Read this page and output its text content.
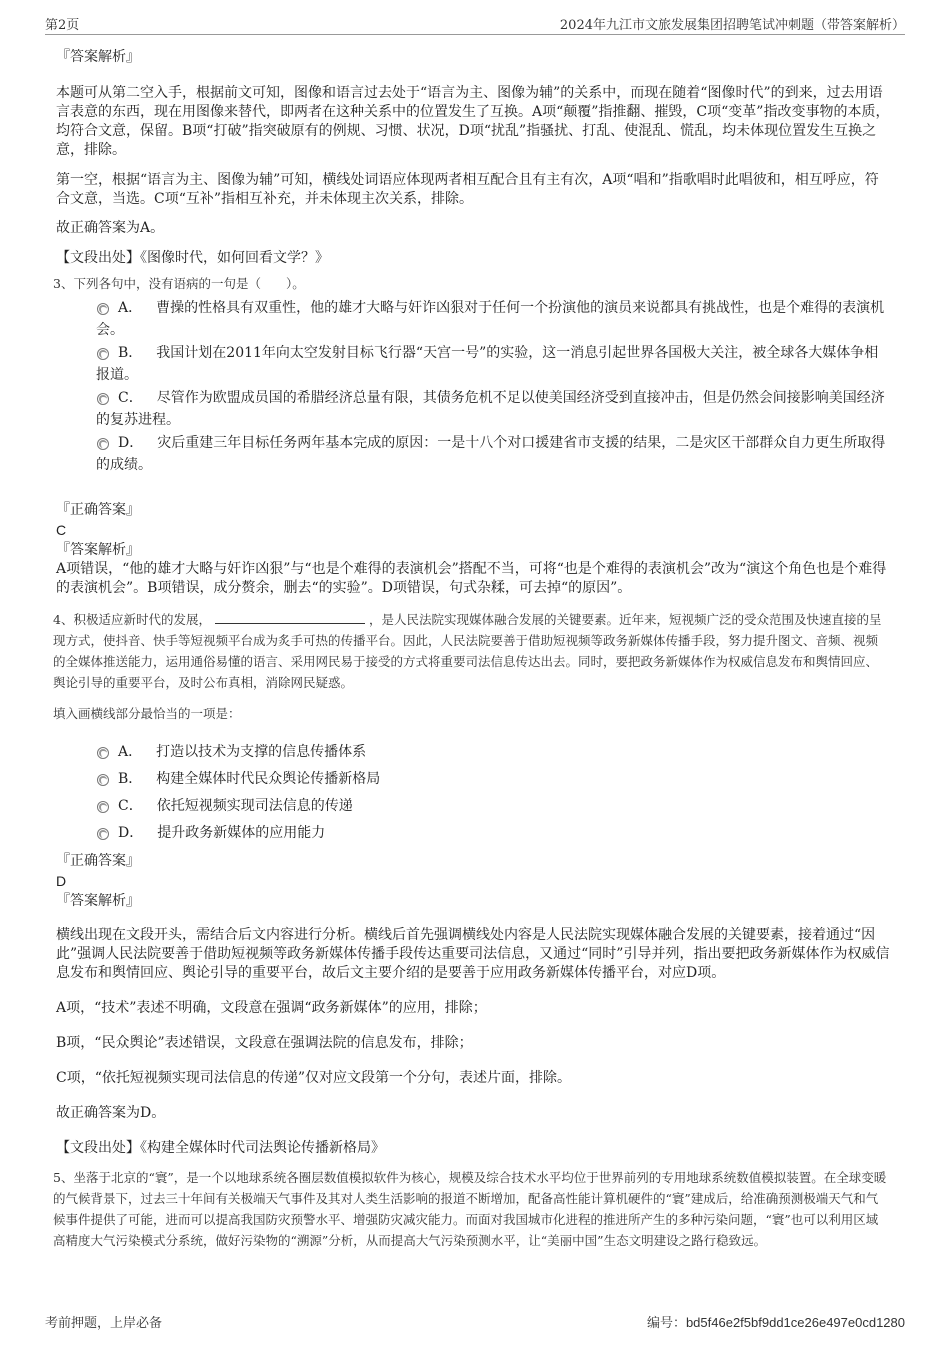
第2页	2024年九江市文旅发展集团招聘笔试冲刺题（带答案解析）

『答案解析』

本题可从第二空入手，根据前文可知，图像和语言过去处于“语言为主、图像为辅”的关系中，而现在随着“图像时代”的到来，过去用语言表意的东西，现在用图像来替代，即两者在这种关系中的位置发生了互换。A项“颠覆”指推翻、摧毁，C项“变革”指改变事物的本质，均符合文意，保留。B项“打破”指突破原有的例规、习惯、状况，D项“扰乱”指骚扰、打乱、使混乱、慌乱，均未体现位置发生互换之意，排除。

第一空，根据“语言为主、图像为辅”可知，横线处词语应体现两者相互配合且有主有次，A项“唱和”指歌唱时此唱彼和，相互呼应，符合文意，当选。C项“互补”指相互补充，并未体现主次关系，排除。

故正确答案为A。

【文段出处】《图像时代，如何回看文学？》

3、下列各句中，没有语病的一句是（　　）。

A． 曹操的性格具有双重性，他的雄才大略与奸诈凶狠对于任何一个扮演他的演员来说都具有挑战性，也是个难得的表演机会。
B． 我国计划在2011年向太空发射目标飞行器“天宫一号”的实验，这一消息引起世界各国极大关注，被全球各大媒体争相报道。
C． 尽管作为欧盟成员国的希腊经济总量有限，其债务危机不足以使美国经济受到直接冲击，但是仍然会间接影响美国经济的复苏进程。
D． 灾后重建三年目标任务两年基本完成的原因：一是十八个对口援建省市支援的结果，二是灾区干部群众自力更生所取得的成绩。

『正确答案』

C

『答案解析』

A项错误，“他的雄才大略与奸诈凶狠”与“也是个难得的表演机会”搭配不当，可将“也是个难得的表演机会”改为“演这个角色也是个难得的表演机会”。B项错误，成分赘余，删去“的实验”。D项错误，句式杂糅，可去掉“的原因”。

4、积极适应新时代的发展，	，是人民法院实现媒体融合发展的关键要素。近年来，短视频广泛的受众范围及快速直接的呈现方式，使抖音、快手等短视频平台成为炙手可热的传播平台。因此，人民法院要善于借助短视频等政务新媒体传播手段，努力提升图文、音频、视频的全媒体推送能力，运用通俗易懂的语言、采用网民易于接受的方式将重要司法信息传达出去。同时，要把政务新媒体作为权威信息发布和舆情回应、舆论引导的重要平台，及时公布真相，消除网民疑惑。

填入画横线部分最恰当的一项是：

A． 打造以技术为支撑的信息传播体系
B． 构建全媒体时代民众舆论传播新格局
C． 依托短视频实现司法信息的传递
D． 提升政务新媒体的应用能力

『正确答案』

D

『答案解析』

横线出现在文段开头，需结合后文内容进行分析。横线后首先强调横线处内容是人民法院实现媒体融合发展的关键要素，接着通过“因此”强调人民法院要善于借助短视频等政务新媒体传播手段传达重要司法信息，又通过“同时”引导并列，指出要把政务新媒体作为权威信息发布和舆情回应、舆论引导的重要平台，故后文主要介绍的是要善于应用政务新媒体传播平台，对应D项。

A项，“技术”表述不明确，文段意在强调“政务新媒体”的应用，排除；

B项，“民众舆论”表述错误，文段意在强调法院的信息发布，排除；

C项，“依托短视频实现司法信息的传递”仅对应文段第一个分句，表述片面，排除。

故正确答案为D。

【文段出处】《构建全媒体时代司法舆论传播新格局》

5、坐落于北京的“寰”，是一个以地球系统各圈层数值模拟软件为核心，规模及综合技术水平均位于世界前列的专用地球系统数值模拟装置。在全球变暖的气候背景下，过去三十年间有关极端天气事件及其对人类生活影响的报道不断增加，配备高性能计算机硬件的“寰”建成后，给准确预测极端天气和气候事件提供了可能，进而可以提高我国防灾预警水平、增强防灾减灾能力。而面对我国城市化进程的推进所产生的多种污染问题，“寰”也可以利用区域高精度大气污染模式分系统，做好污染物的“溯源”分析，从而提高大气污染预测水平，让“美丽中国”生态文明建设之路行稳致远。

考前押题，上岸必备	编号：bd5f46e2f5bf9dd1ce26e497e0cd1280
